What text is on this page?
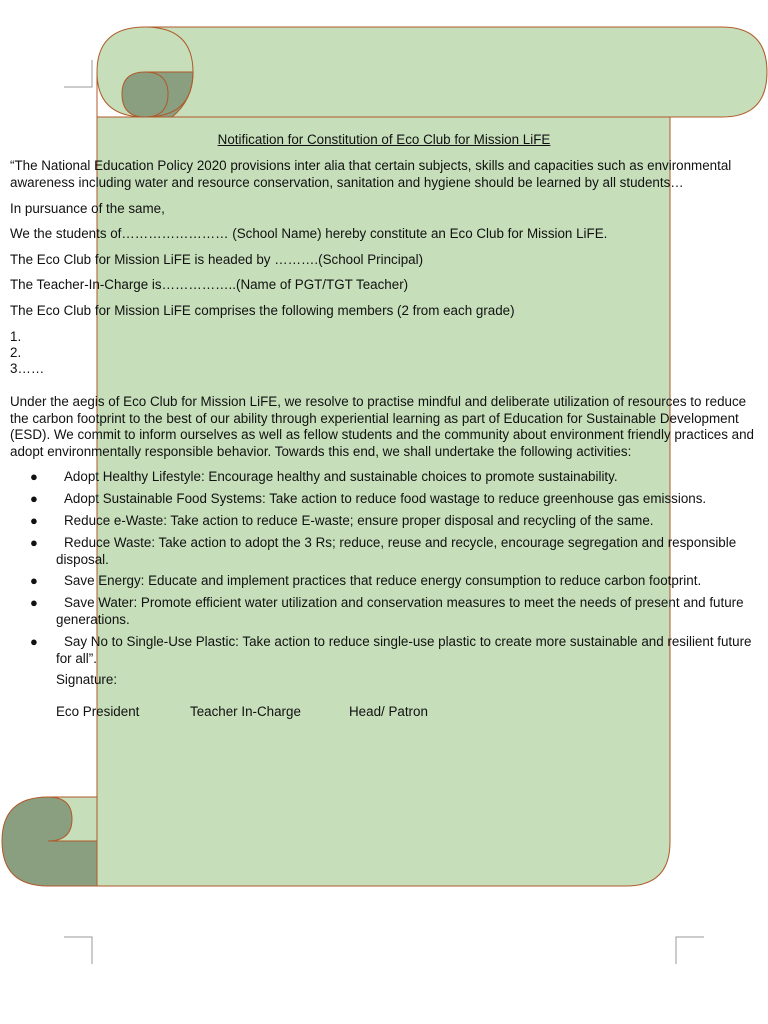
Notification for Constitution of Eco Club for Mission LiFE
“The National Education Policy 2020 provisions inter alia that certain subjects, skills and capacities such as environmental awareness including water and resource conservation, sanitation and hygiene should be learned by all students…
In pursuance of the same,
We the students of…………………… (School Name) hereby constitute an Eco Club for Mission LiFE.
The Eco Club for Mission LiFE is headed by ……….(School Principal)
The Teacher-In-Charge is……………..(Name of PGT/TGT Teacher)
The Eco Club for Mission LiFE comprises the following members (2 from each grade)
1.
2.
3……
Under the aegis of Eco Club for Mission LiFE, we resolve to practise mindful and deliberate utilization of resources to reduce the carbon footprint to the best of our ability through experiential learning as part of Education for Sustainable Development (ESD). We commit to inform ourselves as well as fellow students and the community about environment friendly practices and adopt environmentally responsible behavior. Towards this end, we shall undertake the following activities:
●	Adopt Healthy Lifestyle: Encourage healthy and sustainable choices to promote sustainability.
●	Adopt Sustainable Food Systems: Take action to reduce food wastage to reduce greenhouse gas emissions.
●	Reduce e-Waste: Take action to reduce E-waste; ensure proper disposal and recycling of the same.
●	Reduce Waste: Take action to adopt the 3 Rs; reduce, reuse and recycle, encourage segregation and responsible disposal.
●	Save Energy: Educate and implement practices that reduce energy consumption to reduce carbon footprint.
●	Save Water: Promote efficient water utilization and conservation measures to meet the needs of present and future generations.
●	Say No to Single-Use Plastic: Take action to reduce single-use plastic to create more sustainable and resilient future for all”.
Signature:
Eco President	Teacher In-Charge	Head/ Patron
